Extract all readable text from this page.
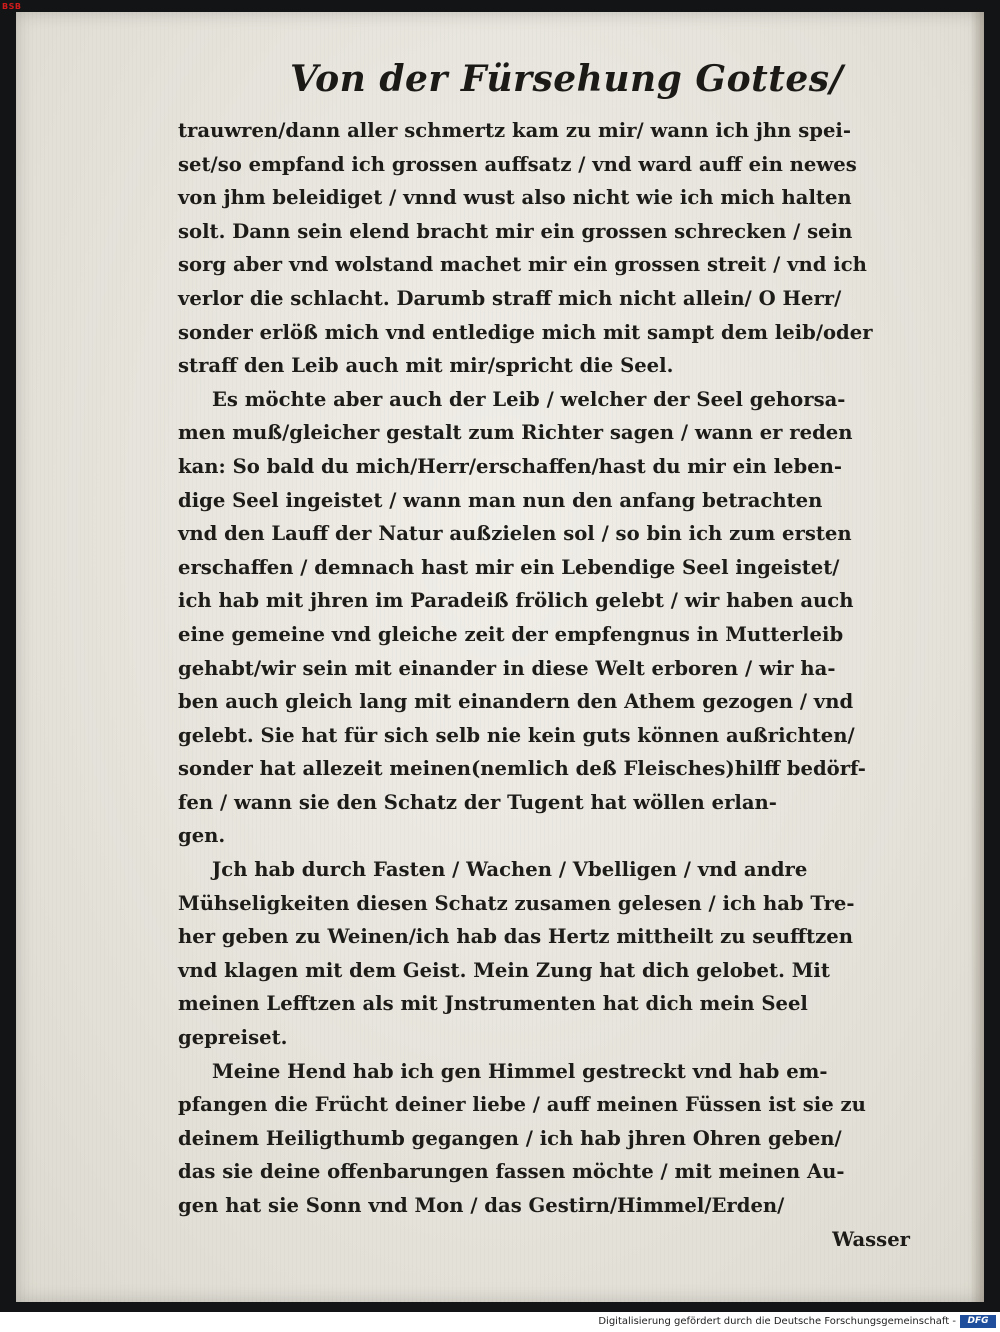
BSB
Von der Fürsehung Gottes/
trauwren/dann aller schmertz kam zu mir/ wann ich jhn spei-
set/so empfand ich grossen auffsatz / vnd ward auff ein newes
von jhm beleidiget / vnnd wust also nicht wie ich mich halten
solt. Dann sein elend bracht mir ein grossen schrecken / sein
sorg aber vnd wolstand machet mir ein grossen streit / vnd ich
verlor die schlacht. Darumb straff mich nicht allein/ O Herr/
sonder erlöß mich vnd entledige mich mit sampt dem leib/oder
straff den Leib auch mit mir/spricht die Seel.
Es möchte aber auch der Leib / welcher der Seel gehorsa-
men muß/gleicher gestalt zum Richter sagen / wann er reden
kan: So bald du mich/Herr/erschaffen/hast du mir ein leben-
dige Seel ingeistet / wann man nun den anfang betrachten
vnd den Lauff der Natur außzielen sol / so bin ich zum ersten
erschaffen / demnach hast mir ein Lebendige Seel ingeistet/
ich hab mit jhren im Paradeiß frölich gelebt / wir haben auch
eine gemeine vnd gleiche zeit der empfengnus in Mutterleib
gehabt/wir sein mit einander in diese Welt erboren / wir ha-
ben auch gleich lang mit einandern den Athem gezogen / vnd
gelebt. Sie hat für sich selb nie kein guts können außrichten/
sonder hat allezeit meinen(nemlich deß Fleisches)hilff bedörf-
fen / wann sie den Schatz der Tugent hat wöllen erlan-
gen.
Jch hab durch Fasten / Wachen / Vbelligen / vnd andre
Mühseligkeiten diesen Schatz zusamen gelesen / ich hab Tre-
her geben zu Weinen/ich hab das Hertz mittheilt zu seufftzen
vnd klagen mit dem Geist. Mein Zung hat dich gelobet. Mit
meinen Lefftzen als mit Jnstrumenten hat dich mein Seel
gepreiset.
Meine Hend hab ich gen Himmel gestreckt vnd hab em-
pfangen die Frücht deiner liebe / auff meinen Füssen ist sie zu
deinem Heiligthumb gegangen / ich hab jhren Ohren geben/
das sie deine offenbarungen fassen möchte / mit meinen Au-
gen hat sie Sonn vnd Mon / das Gestirn/Himmel/Erden/
Wasser
Digitalisierung gefördert durch die Deutsche Forschungsgemeinschaft -	DFG
